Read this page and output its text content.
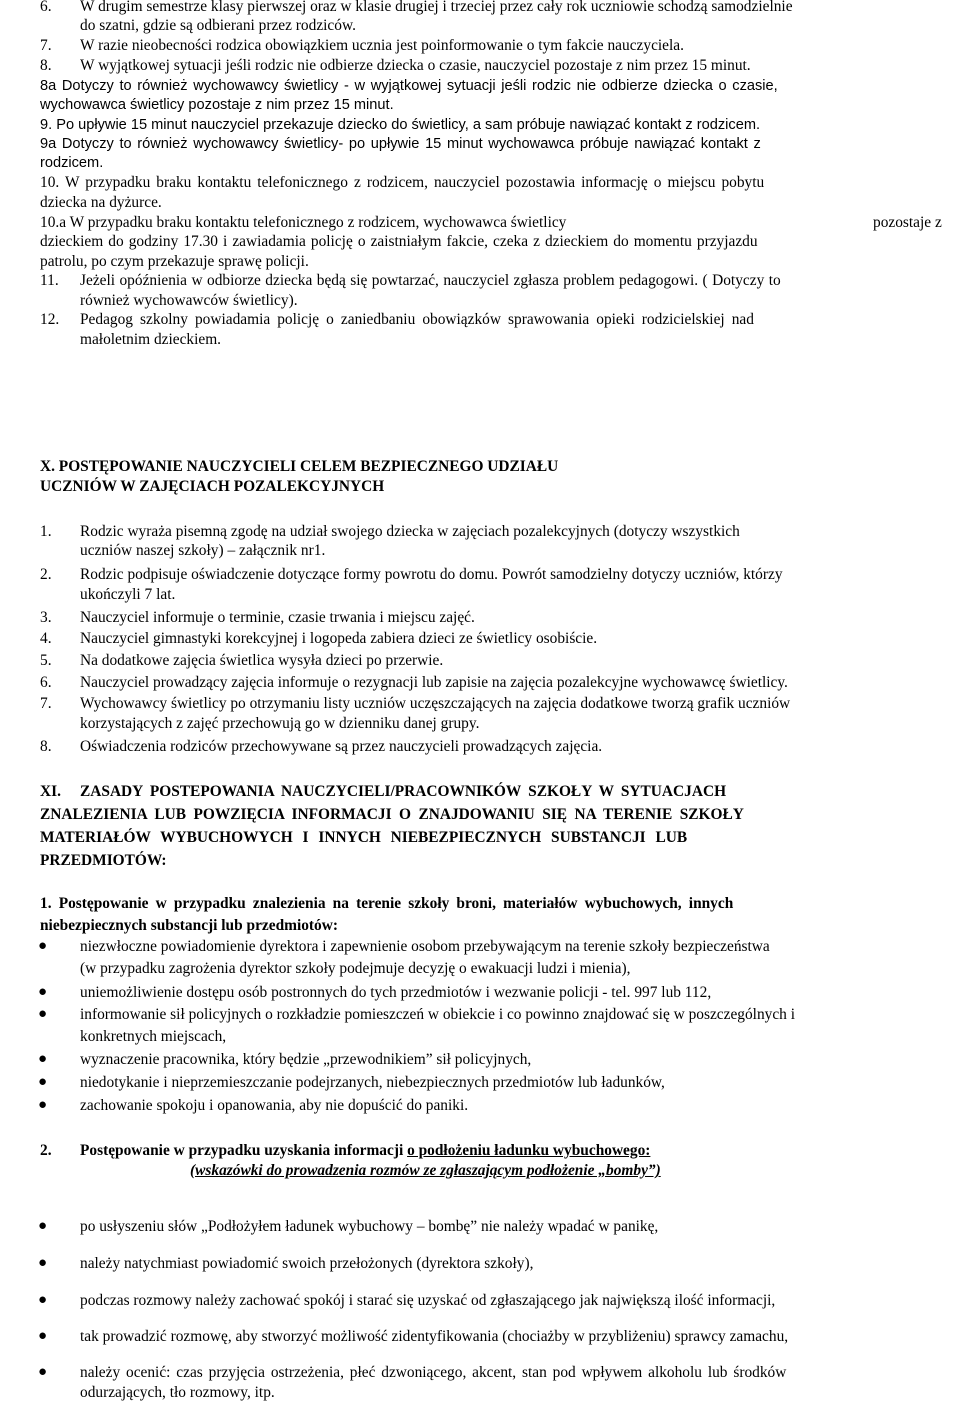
6. W drugim semestrze klasy pierwszej oraz w klasie drugiej i trzeciej przez cały rok uczniowie schodzą samodzielnie
do szatni, gdzie są odbierani przez rodziców.
7. W razie nieobecności rodzica obowiązkiem ucznia jest poinformowanie o tym fakcie nauczyciela.
8. W wyjątkowej sytuacji jeśli rodzic nie odbierze dziecka o czasie, nauczyciel pozostaje z nim przez 15 minut.
8a Dotyczy to również wychowawcy świetlicy - w wyjątkowej sytuacji jeśli rodzic nie odbierze dziecka o czasie,
wychowawca świetlicy pozostaje z nim przez 15 minut.
9. Po upływie 15 minut nauczyciel przekazuje dziecko do świetlicy, a sam próbuje nawiązać kontakt z rodzicem.
9a Dotyczy to również wychowawcy świetlicy- po upływie 15 minut wychowawca próbuje nawiązać kontakt z
rodzicem.
10. W przypadku braku kontaktu telefonicznego z rodzicem, nauczyciel pozostawia informację o miejscu pobytu
dziecka na dyżurce.
10.a W przypadku braku kontaktu telefonicznego z rodzicem, wychowawca świetlicy	pozostaje z
dzieckiem do godziny 17.30 i zawiadamia policję o zaistniałym fakcie, czeka z dzieckiem do momentu przyjazdu
patrolu, po czym przekazuje sprawę policji.
11. Jeżeli opóźnienia w odbiorze dziecka będą się powtarzać, nauczyciel zgłasza problem pedagogowi. ( Dotyczy to
również wychowawców świetlicy).
12. Pedagog szkolny powiadamia policję o zaniedbaniu obowiązków sprawowania opieki rodzicielskiej nad
małoletnim dzieckiem.
X. POSTĘPOWANIE NAUCZYCIELI CELEM BEZPIECZNEGO UDZIAŁU
UCZNIÓW W ZAJĘCIACH POZALEKCYJNYCH
1. Rodzic wyraża pisemną zgodę na udział swojego dziecka w zajęciach pozalekcyjnych (dotyczy wszystkich
uczniów naszej szkoły) – załącznik nr1.
2. Rodzic podpisuje oświadczenie dotyczące formy powrotu do domu. Powrót samodzielny dotyczy uczniów, którzy
ukończyli 7 lat.
3. Nauczyciel informuje o terminie, czasie trwania i miejscu zajęć.
4. Nauczyciel gimnastyki korekcyjnej i logopeda zabiera dzieci ze świetlicy osobiście.
5. Na dodatkowe zajęcia świetlica wysyła dzieci po przerwie.
6. Nauczyciel prowadzący zajęcia informuje o rezygnacji lub zapisie na zajęcia pozalekcyjne wychowawcę świetlicy.
7. Wychowawcy świetlicy po otrzymaniu listy uczniów uczęszczających na zajęcia dodatkowe tworzą grafik uczniów
korzystających z zajęć przechowują go w dzienniku danej grupy.
8. Oświadczenia rodziców przechowywane są przez nauczycieli prowadzących zajęcia.
XI. ZASADY POSTEPOWANIA NAUCZYCIELI/PRACOWNIKÓW SZKOŁY W SYTUACJACH
ZNALEZIENIA LUB POWZIĘCIA INFORMACJI O ZNAJDOWANIU SIĘ NA TERENIE SZKOŁY
MATERIAŁÓW WYBUCHOWYCH I INNYCH NIEBEZPIECZNYCH SUBSTANCJI LUB
PRZEDMIOTÓW:
1. Postępowanie w przypadku znalezienia na terenie szkoły broni, materiałów wybuchowych, innych
niebezpiecznych substancji lub przedmiotów:
● niezwłoczne powiadomienie dyrektora i zapewnienie osobom przebywającym na terenie szkoły bezpieczeństwa
(w przypadku zagrożenia dyrektor szkoły podejmuje decyzję o ewakuacji ludzi i mienia),
● uniemożliwienie dostępu osób postronnych do tych przedmiotów i wezwanie policji - tel. 997 lub 112,
● informowanie sił policyjnych o rozkładzie pomieszczeń w obiekcie i co powinno znajdować się w poszczególnych i
konkretnych miejscach,
● wyznaczenie pracownika, który będzie „przewodnikiem” sił policyjnych,
● niedotykanie i nieprzemieszczanie podejrzanych, niebezpiecznych przedmiotów lub ładunków,
● zachowanie spokoju i opanowania, aby nie dopuścić do paniki.
2. Postępowanie w przypadku uzyskania informacji o podłożeniu ładunku wybuchowego:
(wskazówki do prowadzenia rozmów ze zgłaszającym podłożenie „bomby”)
● po usłyszeniu słów „Podłożyłem ładunek wybuchowy – bombę” nie należy wpadać w panikę,
● należy natychmiast powiadomić swoich przełożonych (dyrektora szkoły),
● podczas rozmowy należy zachować spokój i starać się uzyskać od zgłaszającego jak największą ilość informacji,
● tak prowadzić rozmowę, aby stworzyć możliwość zidentyfikowania (chociażby w przybliżeniu) sprawcy zamachu,
● należy ocenić: czas przyjęcia ostrzeżenia, płeć dzwoniącego, akcent, stan pod wpływem alkoholu lub środków
odurzających, tło rozmowy, itp.
